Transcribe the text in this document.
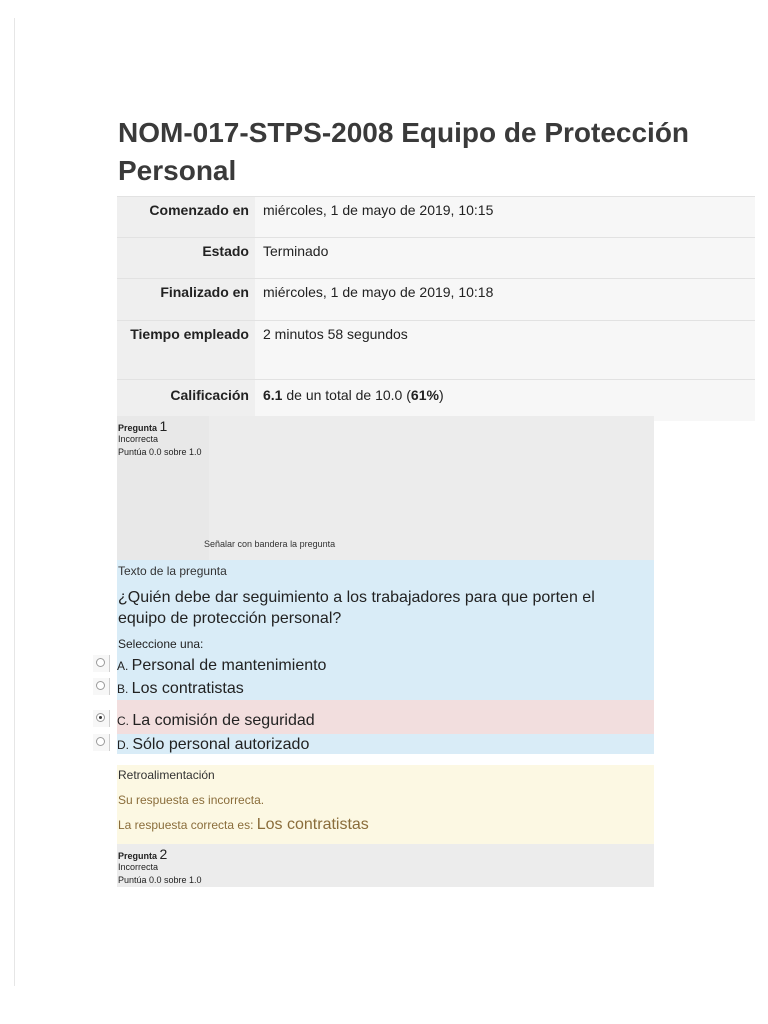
NOM-017-STPS-2008 Equipo de Protección Personal
Comenzado en	miércoles, 1 de mayo de 2019, 10:15
Estado	Terminado
Finalizado en	miércoles, 1 de mayo de 2019, 10:18
Tiempo empleado	2 minutos 58 segundos
Calificación	6.1 de un total de 10.0 (61%)
Pregunta 1
Incorrecta
Puntúa 0.0 sobre 1.0
Señalar con bandera la pregunta
Texto de la pregunta
¿Quién debe dar seguimiento a los trabajadores para que porten el equipo de protección personal?
Seleccione una:
A. Personal de mantenimiento
B. Los contratistas
C. La comisión de seguridad
D. Sólo personal autorizado
Retroalimentación
Su respuesta es incorrecta.
La respuesta correcta es: Los contratistas
Pregunta 2
Incorrecta
Puntúa 0.0 sobre 1.0
